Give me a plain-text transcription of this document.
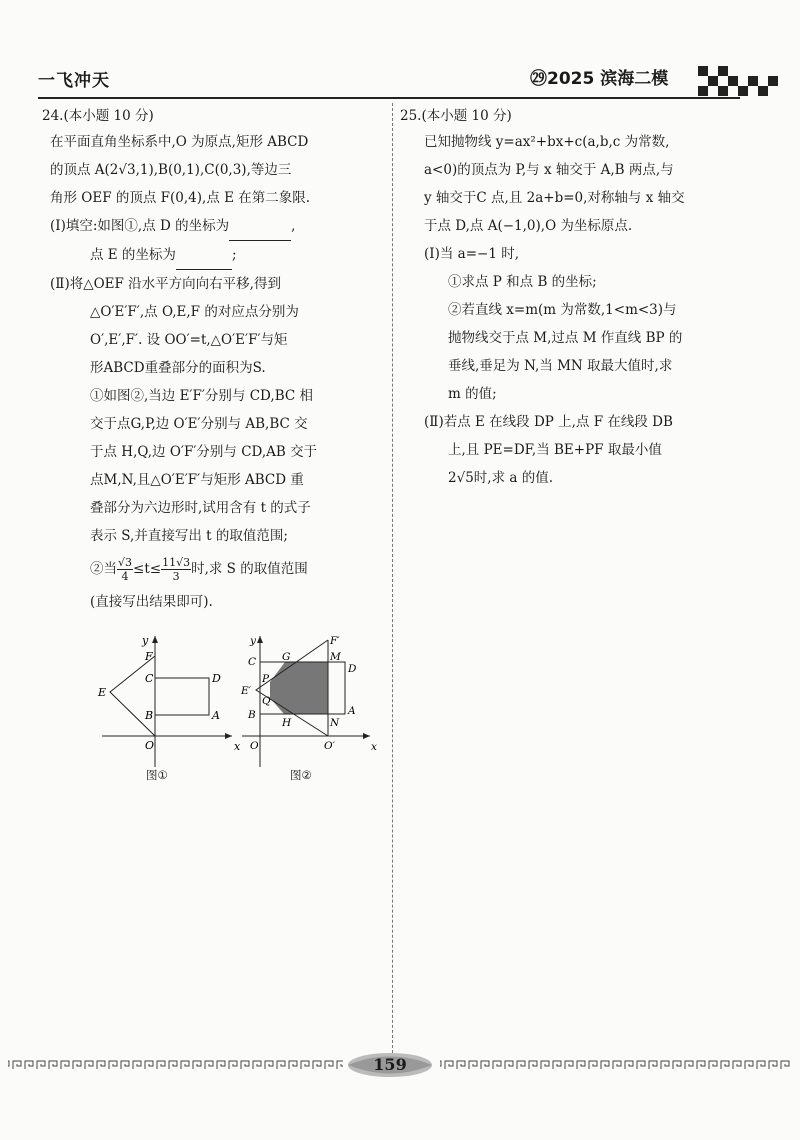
一飞冲天	㉙2025 滨海二模

24.(本小题 10 分)

在平面直角坐标系中,O 为原点,矩形 ABCD

的顶点 A(2√3,1),B(0,1),C(0,3),等边三

角形 OEF 的顶点 F(0,4),点 E 在第二象限.

(Ⅰ)填空:如图①,点 D 的坐标为	,

点 E 的坐标为	;

(Ⅱ)将△OEF 沿水平方向向右平移,得到

△O′E′F′,点 O,E,F 的对应点分别为

O′,E′,F′. 设 OO′=t,△O′E′F′与矩

形ABCD重叠部分的面积为S.

①如图②,当边 E′F′分别与 CD,BC 相

交于点G,P,边 O′E′分别与 AB,BC 交

于点 H,Q,边 O′F′分别与 CD,AB 交于

点M,N,且△O′E′F′与矩形 ABCD 重

叠部分为六边形时,试用含有 t 的式子

表示 S,并直接写出 t 的取值范围;

②当 $\frac{√3}{4} \le t\le \frac{11√3}{3}$ 时,求 S 的取值范围

(直接写出结果即可).

y
x
F
C	D
E
B	A
O
图①
y
x
F′
C G	M
D
P
E′
Q
B
H	N
A
O	O′
图②

25.(本小题 10 分)

已知抛物线 y=ax²+bx+c(a,b,c 为常数,

a<0)的顶点为 P,与 x 轴交于 A,B 两点,与

y 轴交于C 点,且 2a+b=0,对称轴与 x 轴交

于点 D,点 A(−1,0),O 为坐标原点.

(Ⅰ)当 a=−1 时,

①求点 P 和点 B 的坐标;

②若直线 x=m(m 为常数,1<m<3)与

抛物线交于点 M,过点 M 作直线 BP 的

垂线,垂足为 N,当 MN 取最大值时,求

m 的值;

(Ⅱ)若点 E 在线段 DP 上,点 F 在线段 DB

上,且 PE=DF,当 BE+PF 取最小值

2√5时,求 a 的值.

159
